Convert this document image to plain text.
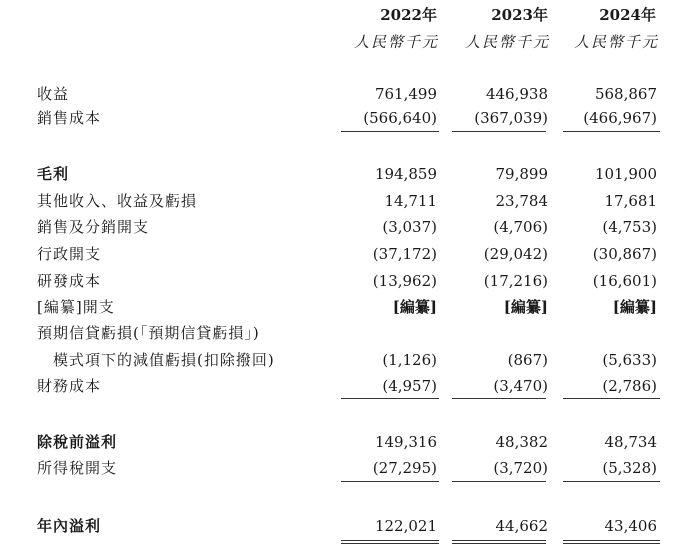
2022年	2023年	2024年
人民幣千元	人民幣千元	人民幣千元
收益	761,499	446,938	568,867
銷售成本	(566,640)	(367,039)	(466,967)
毛利	194,859	79,899	101,900
其他收入、收益及虧損	14,711	23,784	17,681
銷售及分銷開支	(3,037)	(4,706)	(4,753)
行政開支	(37,172)	(29,042)	(30,867)
研發成本	(13,962)	(17,216)	(16,601)
[編纂]開支	[編纂]	[編纂]	[編纂]
預期信貸虧損(「預期信貸虧損」)
模式項下的減值虧損(扣除撥回)	(1,126)	(867)	(5,633)
財務成本	(4,957)	(3,470)	(2,786)
除稅前溢利	149,316	48,382	48,734
所得稅開支	(27,295)	(3,720)	(5,328)
年內溢利	122,021	44,662	43,406
